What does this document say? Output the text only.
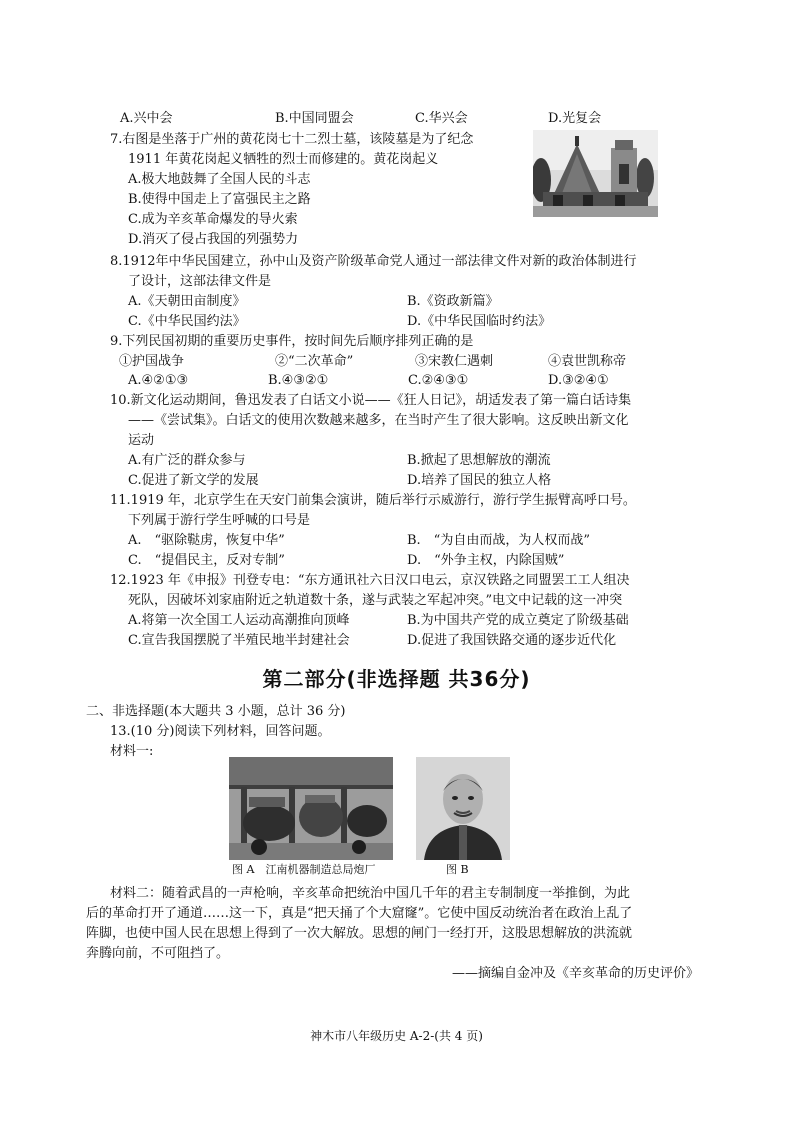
A.兴中会	B.中国同盟会	C.华兴会	D.光复会
7.右图是坐落于广州的黄花岗七十二烈士墓，该陵墓是为了纪念
1911 年黄花岗起义牺牲的烈士而修建的。黄花岗起义
A.极大地鼓舞了全国人民的斗志
B.使得中国走上了富强民主之路
C.成为辛亥革命爆发的导火索
D.消灭了侵占我国的列强势力
8.1912年中华民国建立，孙中山及资产阶级革命党人通过一部法律文件对新的政治体制进行
了设计，这部法律文件是
A.《天朝田亩制度》	B.《资政新篇》
C.《中华民国约法》	D.《中华民国临时约法》
9.下列民国初期的重要历史事件，按时间先后顺序排列正确的是
①护国战争	②“二次革命”	③宋教仁遇刺	④袁世凯称帝
A.④②①③	B.④③②①	C.②④③①	D.③②④①
10.新文化运动期间，鲁迅发表了白话文小说——《狂人日记》，胡适发表了第一篇白话诗集
——《尝试集》。白话文的使用次数越来越多，在当时产生了很大影响。这反映出新文化
运动
A.有广泛的群众参与	B.掀起了思想解放的潮流
C.促进了新文学的发展	D.培养了国民的独立人格
11.1919 年，北京学生在天安门前集会演讲，随后举行示威游行，游行学生振臂高呼口号。
下列属于游行学生呼喊的口号是
A.　“驱除鞑虏，恢复中华”	B.　“为自由而战，为人权而战”
C.　“提倡民主，反对专制”	D.　“外争主权，内除国贼”
12.1923 年《申报》刊登专电：“东方通讯社六日汉口电云，京汉铁路之同盟罢工工人组决
死队，因破坏刘家庙附近之轨道数十条，遂与武装之军起冲突。”电文中记载的这一冲突
A.将第一次全国工人运动高潮推向顶峰	B.为中国共产党的成立奠定了阶级基础
C.宣告我国摆脱了半殖民地半封建社会	D.促进了我国铁路交通的逐步近代化
第二部分(非选择题 共36分)
二、非选择题(本大题共 3 小题，总计 36 分)
13.(10 分)阅读下列材料，回答问题。
材料一:
图 A　江南机器制造总局炮厂	图 B
材料二：随着武昌的一声枪响，辛亥革命把统治中国几千年的君主专制制度一举推倒，为此
后的革命打开了通道……这一下，真是“把天捅了个大窟窿”。它使中国反动统治者在政治上乱了
阵脚，也使中国人民在思想上得到了一次大解放。思想的闸门一经打开，这股思想解放的洪流就
奔腾向前，不可阻挡了。
——摘编自金冲及《辛亥革命的历史评价》
神木市八年级历史 A-2-(共 4 页)
